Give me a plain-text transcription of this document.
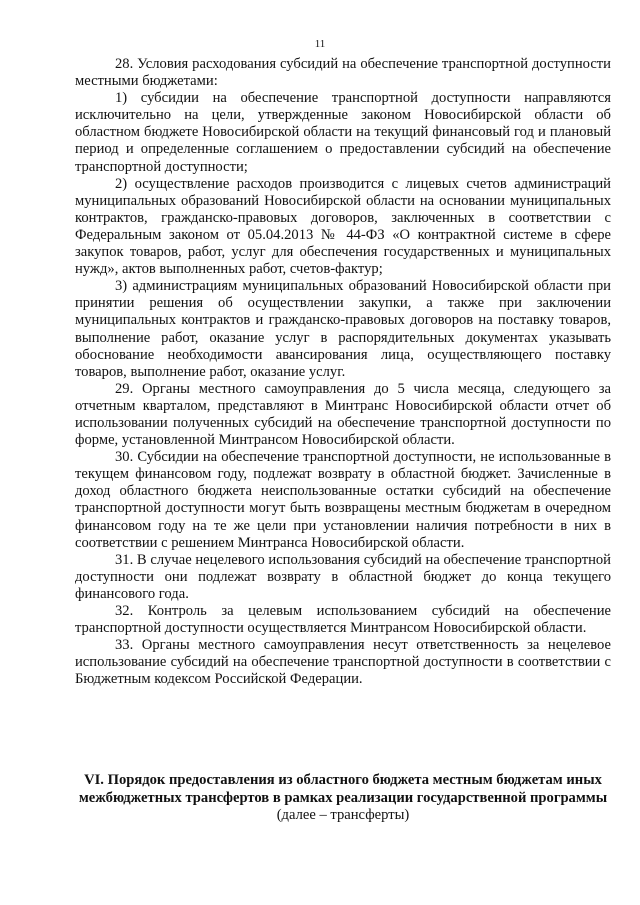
11

28. Условия расходования субсидий на обеспечение транспортной доступности местными бюджетами:

1) субсидии на обеспечение транспортной доступности направляются исключительно на цели, утвержденные законом Новосибирской области об областном бюджете Новосибирской области на текущий финансовый год и плановый период и определенные соглашением о предоставлении субсидий на обеспечение транспортной доступности;

2) осуществление расходов производится с лицевых счетов администраций муниципальных образований Новосибирской области на основании муниципальных контрактов, гражданско-правовых договоров, заключенных в соответствии с Федеральным законом от 05.04.2013 № 44-ФЗ «О контрактной системе в сфере закупок товаров, работ, услуг для обеспечения государственных и муниципальных нужд», актов выполненных работ, счетов-фактур;

3) администрациям муниципальных образований Новосибирской области при принятии решения об осуществлении закупки, а также при заключении муниципальных контрактов и гражданско-правовых договоров на поставку товаров, выполнение работ, оказание услуг в распорядительных документах указывать обоснование необходимости авансирования лица, осуществляющего поставку товаров, выполнение работ, оказание услуг.

29. Органы местного самоуправления до 5 числа месяца, следующего за отчетным кварталом, представляют в Минтранс Новосибирской области отчет об использовании полученных субсидий на обеспечение транспортной доступности по форме, установленной Минтрансом Новосибирской области.

30. Субсидии на обеспечение транспортной доступности, не использованные в текущем финансовом году, подлежат возврату в областной бюджет. Зачисленные в доход областного бюджета неиспользованные остатки субсидий на обеспечение транспортной доступности могут быть возвращены местным бюджетам в очередном финансовом году на те же цели при установлении наличия потребности в них в соответствии с решением Минтранса Новосибирской области.

31. В случае нецелевого использования субсидий на обеспечение транспортной доступности они подлежат возврату в областной бюджет до конца текущего финансового года.

32. Контроль за целевым использованием субсидий на обеспечение транспортной доступности осуществляется Минтрансом Новосибирской области.

33. Органы местного самоуправления несут ответственность за нецелевое использование субсидий на обеспечение транспортной доступности в соответствии с Бюджетным кодексом Российской Федерации.

VI. Порядок предоставления из областного бюджета местным бюджетам иных межбюджетных трансфертов в рамках реализации государственной программы (далее – трансферты)
